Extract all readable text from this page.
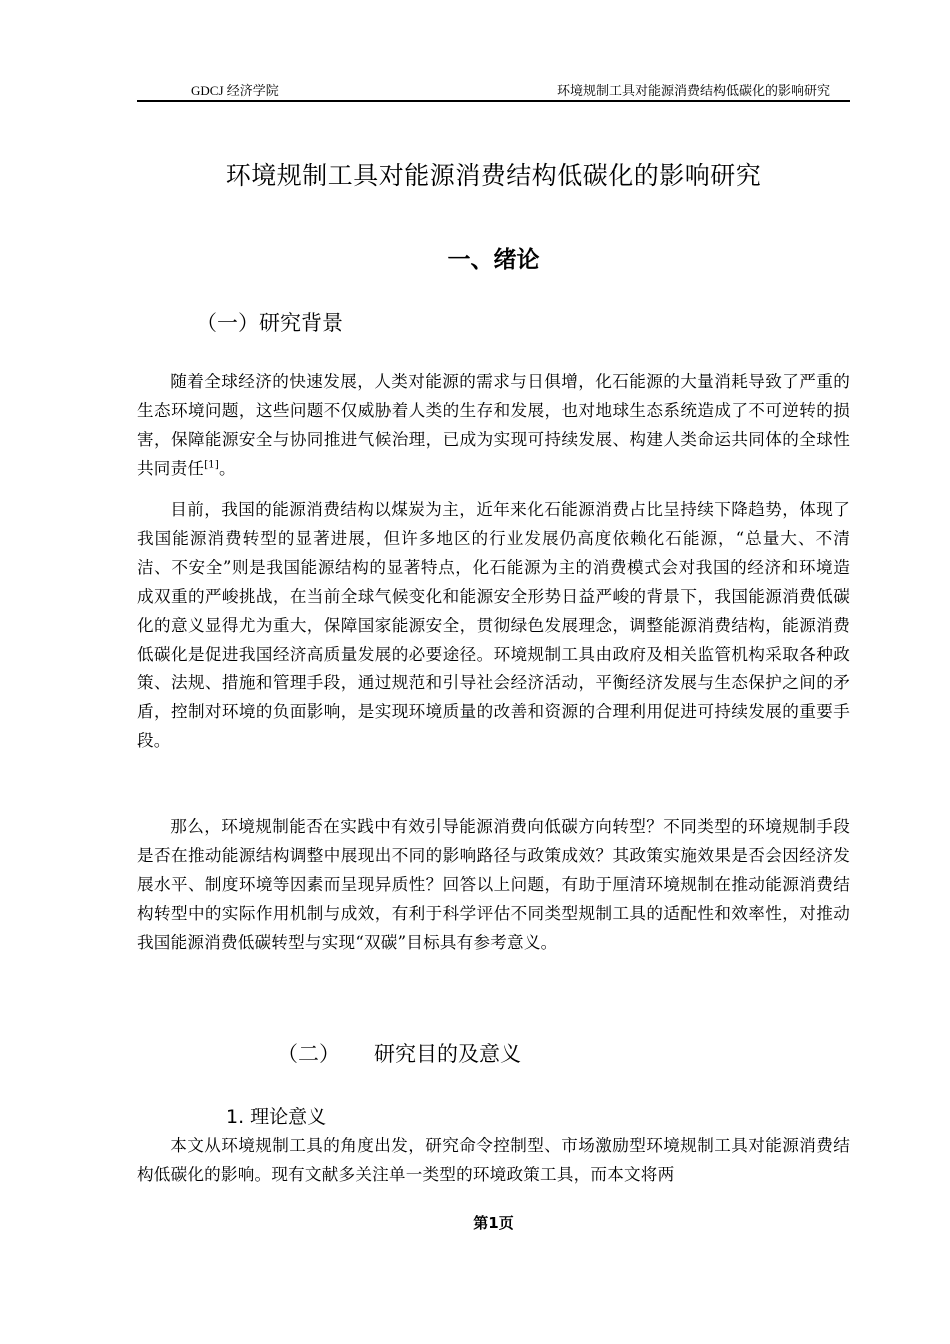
GDCJ 经济学院	环境规制工具对能源消费结构低碳化的影响研究
环境规制工具对能源消费结构低碳化的影响研究
一、绪论
（一）研究背景

随着全球经济的快速发展，人类对能源的需求与日俱增，化石能源的大量消耗导致了严重的生态环境问题，这些问题不仅威胁着人类的生存和发展，也对地球生态系统造成了不可逆转的损害，保障能源安全与协同推进气候治理，已成为实现可持续发展、构建人类命运共同体的全球性共同责任[1]。

目前，我国的能源消费结构以煤炭为主，近年来化石能源消费占比呈持续下降趋势，体现了我国能源消费转型的显著进展，但许多地区的行业发展仍高度依赖化石能源，“总量大、不清洁、不安全”则是我国能源结构的显著特点，化石能源为主的消费模式会对我国的经济和环境造成双重的严峻挑战，在当前全球气候变化和能源安全形势日益严峻的背景下，我国能源消费低碳化的意义显得尤为重大，保障国家能源安全，贯彻绿色发展理念，调整能源消费结构，能源消费低碳化是促进我国经济高质量发展的必要途径。环境规制工具由政府及相关监管机构采取各种政策、法规、措施和管理手段，通过规范和引导社会经济活动，平衡经济发展与生态保护之间的矛盾，控制对环境的负面影响，是实现环境质量的改善和资源的合理利用促进可持续发展的重要手段。

那么，环境规制能否在实践中有效引导能源消费向低碳方向转型？不同类型的环境规制手段是否在推动能源结构调整中展现出不同的影响路径与政策成效？其政策实施效果是否会因经济发展水平、制度环境等因素而呈现异质性？回答以上问题，有助于厘清环境规制在推动能源消费结构转型中的实际作用机制与成效，有利于科学评估不同类型规制工具的适配性和效率性，对推动我国能源消费低碳转型与实现“双碳”目标具有参考意义。

（二） 研究目的及意义
1. 理论意义

本文从环境规制工具的角度出发，研究命令控制型、市场激励型环境规制工具对能源消费结构低碳化的影响。现有文献多关注单一类型的环境政策工具，而本文将两

第1页
